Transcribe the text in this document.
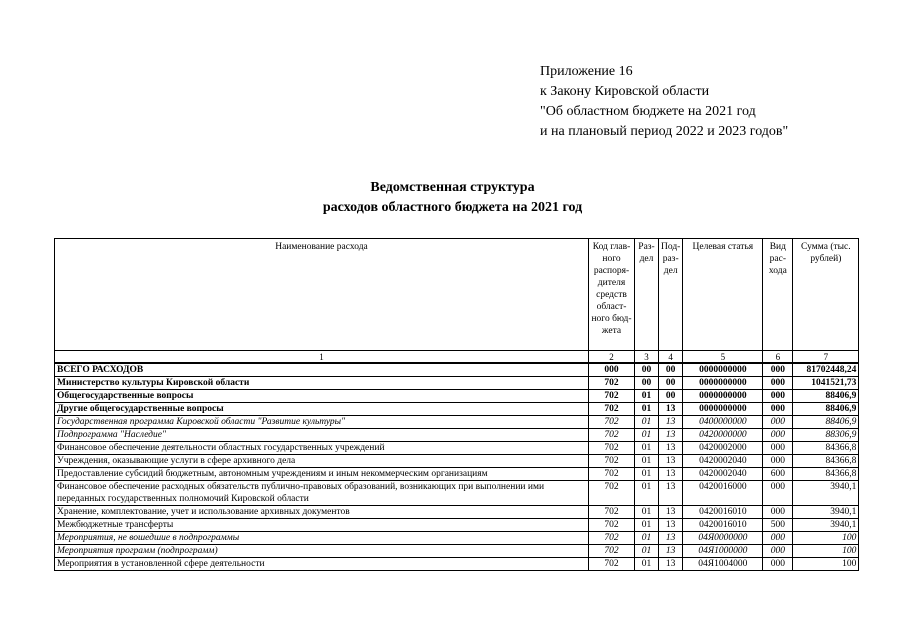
Приложение 16
к Закону Кировской области
"Об областном бюджете на 2021 год
и на плановый период 2022 и 2023 годов"
Ведомственная структура
расходов областного бюджета на 2021 год
Наименование расхода	Код глав-ного распоря-дителя средств област-ного бюд-жета	Раз-дел	Под-раз-дел	Целевая статья	Вид рас-хода	Сумма (тыс. рублей)
1	2	3	4	5	6	7
ВСЕГО РАСХОДОВ	000	00	00	0000000000	000	81702448,24
Министерство культуры Кировской области	702	00	00	0000000000	000	1041521,73
Общегосударственные вопросы	702	01	00	0000000000	000	88406,9
Другие общегосударственные вопросы	702	01	13	0000000000	000	88406,9
Государственная программа Кировской области "Развитие культуры"	702	01	13	0400000000	000	88406,9
Подпрограмма "Наследие"	702	01	13	0420000000	000	88306,9
Финансовое обеспечение деятельности областных государственных учреждений	702	01	13	0420002000	000	84366,8
Учреждения, оказывающие услуги в сфере архивного дела	702	01	13	0420002040	000	84366,8
Предоставление субсидий бюджетным, автономным учреждениям и иным некоммерческим организациям	702	01	13	0420002040	600	84366,8
Финансовое обеспечение расходных обязательств публично-правовых образований, возникающих при выполнении ими переданных государственных полномочий Кировской области	702	01	13	0420016000	000	3940,1
Хранение, комплектование, учет и использование архивных документов	702	01	13	0420016010	000	3940,1
Межбюджетные трансферты	702	01	13	0420016010	500	3940,1
Мероприятия, не вошедшие в подпрограммы	702	01	13	04Я0000000	000	100
Мероприятия программ (подпрограмм)	702	01	13	04Я1000000	000	100
Мероприятия в установленной сфере деятельности	702	01	13	04Я1004000	000	100
